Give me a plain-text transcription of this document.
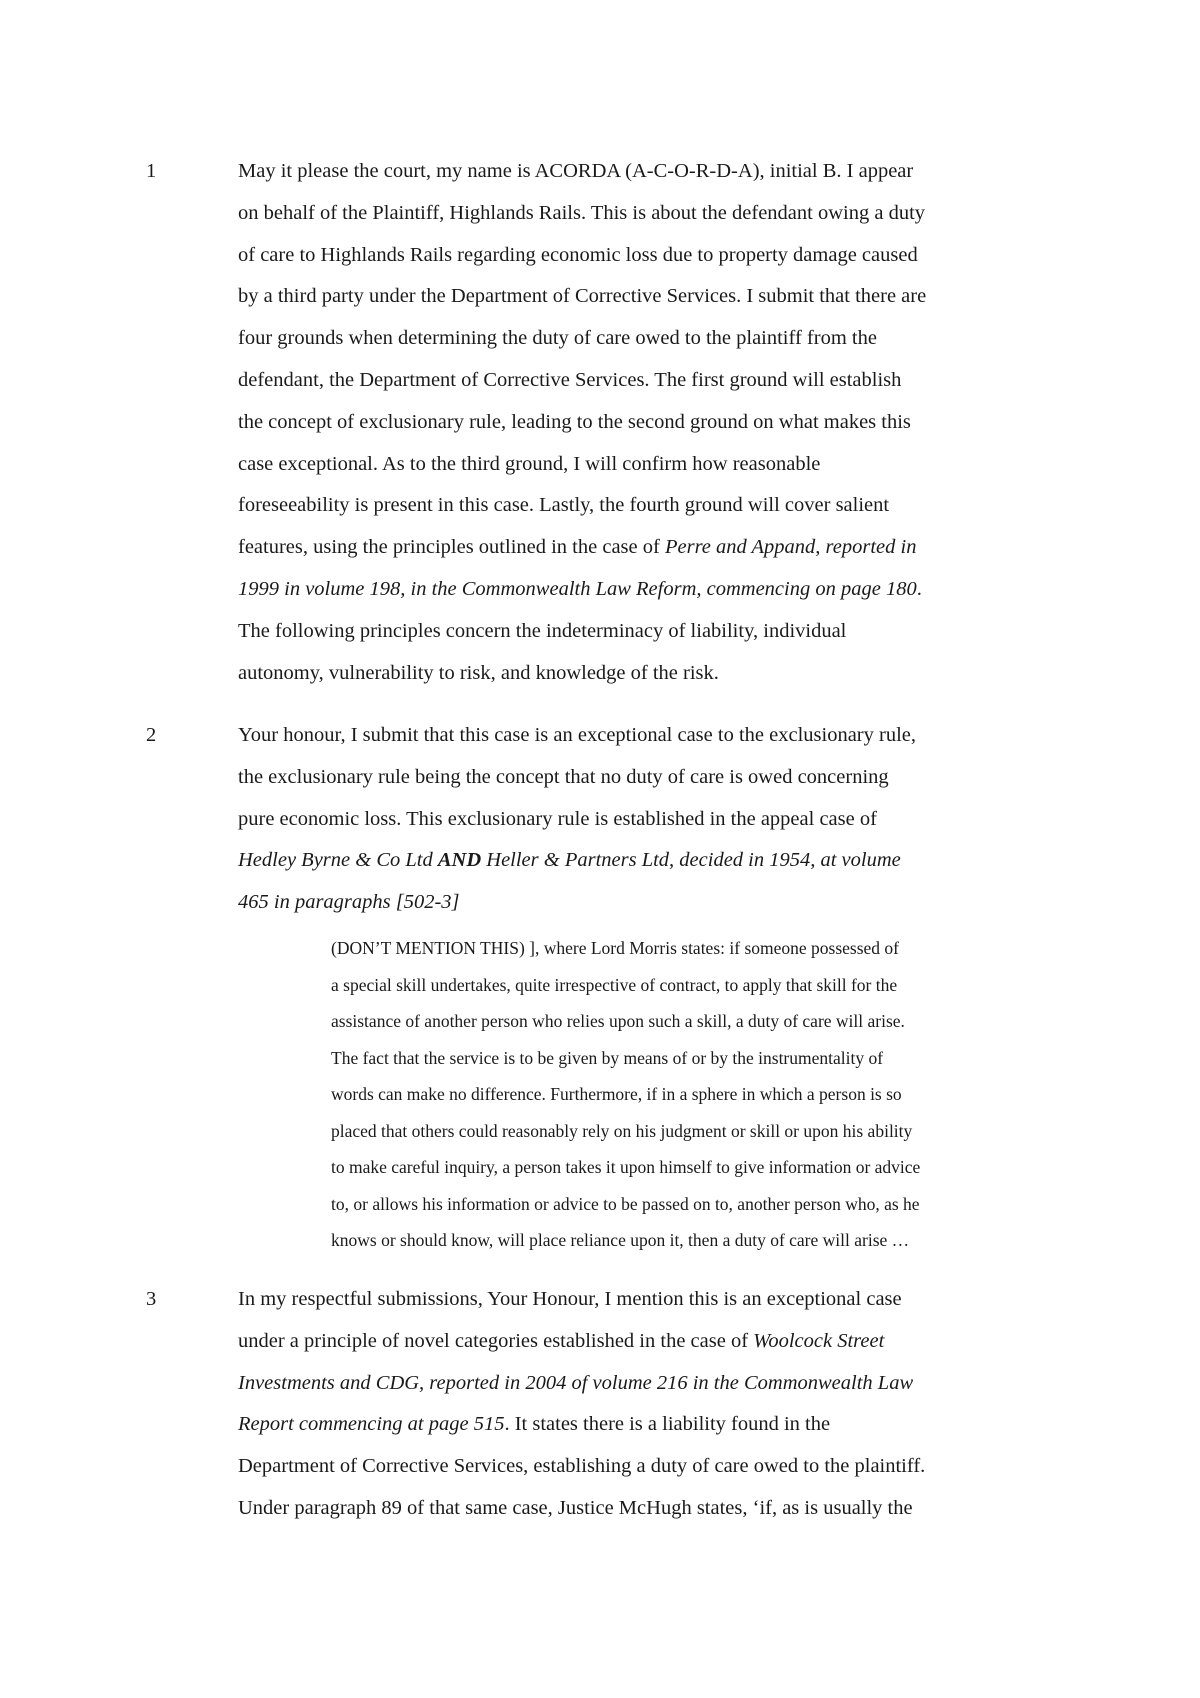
1	May it please the court, my name is ACORDA (A-C-O-R-D-A), initial B. I appear
on behalf of the Plaintiff, Highlands Rails. This is about the defendant owing a duty
of care to Highlands Rails regarding economic loss due to property damage caused
by a third party under the Department of Corrective Services. I submit that there are
four grounds when determining the duty of care owed to the plaintiff from the
defendant, the Department of Corrective Services. The first ground will establish
the concept of exclusionary rule, leading to the second ground on what makes this
case exceptional. As to the third ground, I will confirm how reasonable
foreseeability is present in this case. Lastly, the fourth ground will cover salient
features, using the principles outlined in the case of Perre and Appand, reported in
1999 in volume 198, in the Commonwealth Law Reform, commencing on page 180.
The following principles concern the indeterminacy of liability, individual
autonomy, vulnerability to risk, and knowledge of the risk.
2	Your honour, I submit that this case is an exceptional case to the exclusionary rule,
the exclusionary rule being the concept that no duty of care is owed concerning
pure economic loss. This exclusionary rule is established in the appeal case of
Hedley Byrne & Co Ltd AND Heller & Partners Ltd, decided in 1954, at volume
465 in paragraphs [502-3]
(DON’T MENTION THIS) ], where Lord Morris states: if someone possessed of
a special skill undertakes, quite irrespective of contract, to apply that skill for the
assistance of another person who relies upon such a skill, a duty of care will arise.
The fact that the service is to be given by means of or by the instrumentality of
words can make no difference. Furthermore, if in a sphere in which a person is so
placed that others could reasonably rely on his judgment or skill or upon his ability
to make careful inquiry, a person takes it upon himself to give information or advice
to, or allows his information or advice to be passed on to, another person who, as he
knows or should know, will place reliance upon it, then a duty of care will arise …
3	In my respectful submissions, Your Honour, I mention this is an exceptional case
under a principle of novel categories established in the case of Woolcock Street
Investments and CDG, reported in 2004 of volume 216 in the Commonwealth Law
Report commencing at page 515. It states there is a liability found in the
Department of Corrective Services, establishing a duty of care owed to the plaintiff.
Under paragraph 89 of that same case, Justice McHugh states, ‘if, as is usually the
